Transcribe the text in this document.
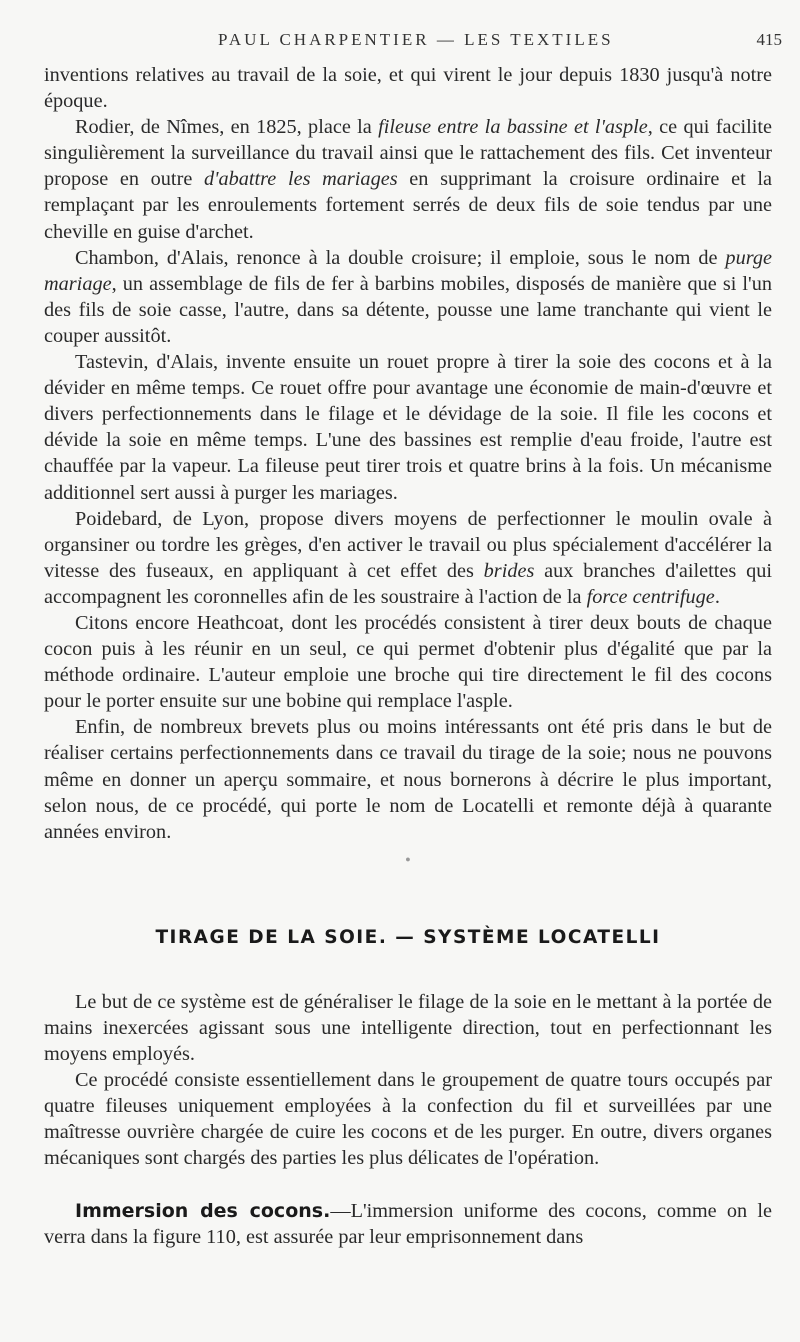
PAUL CHARPENTIER — LES TEXTILES	415

inventions relatives au travail de la soie, et qui virent le jour depuis 1830 jusqu'à notre époque.

Rodier, de Nîmes, en 1825, place la fileuse entre la bassine et l'asple, ce qui facilite singulièrement la surveillance du travail ainsi que le rattachement des fils. Cet inventeur propose en outre d'abattre les mariages en supprimant la croisure ordinaire et la remplaçant par les enroulements fortement serrés de deux fils de soie tendus par une cheville en guise d'archet.

Chambon, d'Alais, renonce à la double croisure; il emploie, sous le nom de purge mariage, un assemblage de fils de fer à barbins mobiles, disposés de manière que si l'un des fils de soie casse, l'autre, dans sa détente, pousse une lame tranchante qui vient le couper aussitôt.

Tastevin, d'Alais, invente ensuite un rouet propre à tirer la soie des cocons et à la dévider en même temps. Ce rouet offre pour avantage une économie de main-d'œuvre et divers perfectionnements dans le filage et le dévidage de la soie. Il file les cocons et dévide la soie en même temps. L'une des bassines est remplie d'eau froide, l'autre est chauffée par la vapeur. La fileuse peut tirer trois et quatre brins à la fois. Un mécanisme additionnel sert aussi à purger les mariages.

Poidebard, de Lyon, propose divers moyens de perfectionner le moulin ovale à organsiner ou tordre les grèges, d'en activer le travail ou plus spécialement d'accélérer la vitesse des fuseaux, en appliquant à cet effet des brides aux branches d'ailettes qui accompagnent les coronnelles afin de les soustraire à l'action de la force centrifuge.

Citons encore Heathcoat, dont les procédés consistent à tirer deux bouts de chaque cocon puis à les réunir en un seul, ce qui permet d'obtenir plus d'égalité que par la méthode ordinaire. L'auteur emploie une broche qui tire directement le fil des cocons pour le porter ensuite sur une bobine qui remplace l'asple.

Enfin, de nombreux brevets plus ou moins intéressants ont été pris dans le but de réaliser certains perfectionnements dans ce travail du tirage de la soie; nous ne pouvons même en donner un aperçu sommaire, et nous bornerons à décrire le plus important, selon nous, de ce procédé, qui porte le nom de Locatelli et remonte déjà à quarante années environ.

●

TIRAGE DE LA SOIE. — SYSTÈME LOCATELLI

Le but de ce système est de généraliser le filage de la soie en le mettant à la portée de mains inexercées agissant sous une intelligente direction, tout en perfectionnant les moyens employés.

Ce procédé consiste essentiellement dans le groupement de quatre tours occupés par quatre fileuses uniquement employées à la confection du fil et surveillées par une maîtresse ouvrière chargée de cuire les cocons et de les purger. En outre, divers organes mécaniques sont chargés des parties les plus délicates de l'opération.

Immersion des cocons.—L'immersion uniforme des cocons, comme on le verra dans la figure 110, est assurée par leur emprisonnement dans
